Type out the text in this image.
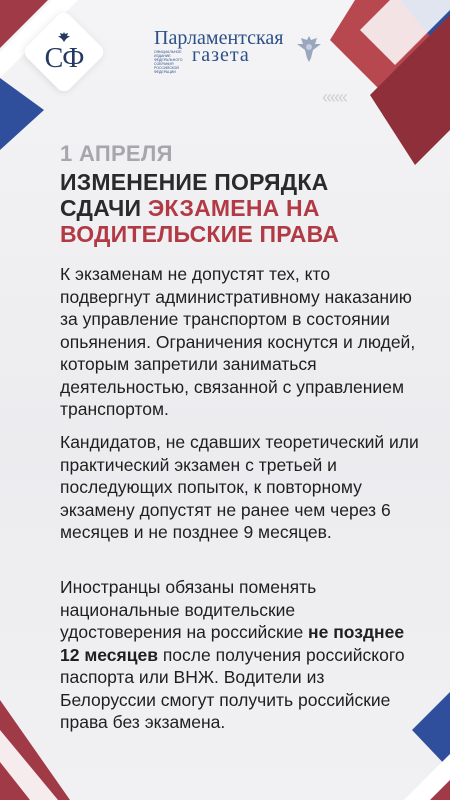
СФ
Парламентская
ОФИЦИАЛЬНОЕ ИЗДАНИЕ ФЕДЕРАЛЬНОГО СОБРАНИЯ РОССИЙСКОЙ ФЕДЕРАЦИИ
газета
‹‹‹‹‹‹
1 АПРЕЛЯ
ИЗМЕНЕНИЕ ПОРЯДКА СДАЧИ ЭКЗАМЕНА НА ВОДИТЕЛЬСКИЕ ПРАВА
К экзаменам не допустят тех, кто подвергнут административному наказанию за управление транспортом в состоянии опьянения. Ограничения коснутся и людей, которым запретили заниматься деятельностью, связанной с управлением транспортом.
Кандидатов, не сдавших теоретический или практический экзамен с третьей и последующих попыток, к повторному экзамену допустят не ранее чем через 6 месяцев и не позднее 9 месяцев.
Иностранцы обязаны поменять национальные водительские удостоверения на российские не позднее 12 месяцев после получения российского паспорта или ВНЖ. Водители из Белоруссии смогут получить российские права без экзамена.
